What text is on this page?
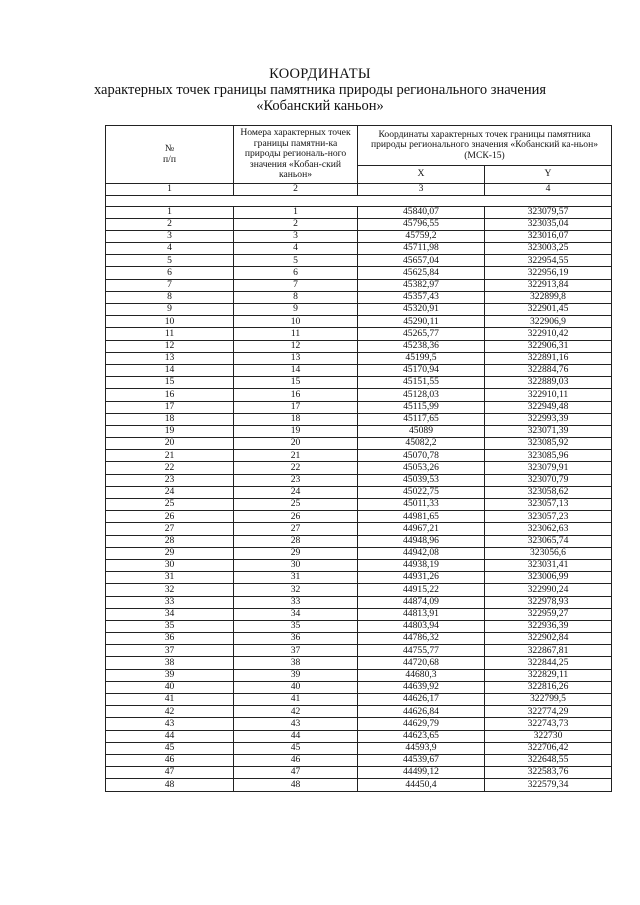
КООРДИНАТЫ
характерных точек границы памятника природы регионального значения
«Кобанский каньон»
№
п/п	Номера характерных точек границы памятни-ка природы региональ-ного значения «Кобан-ский каньон»	Координаты характерных точек границы памятника природы регионального значения «Кобанский ка-ньон» (МСК-15)	
		X	Y
1	2	3	4

1	1	45840,07	323079,57
2	2	45796,55	323035,04
3	3	45759,2	323016,07
4	4	45711,98	323003,25
5	5	45657,04	322954,55
6	6	45625,84	322956,19
7	7	45382,97	322913,84
8	8	45357,43	322899,8
9	9	45320,91	322901,45
10	10	45290,11	322906,9
11	11	45265,77	322910,42
12	12	45238,36	322906,31
13	13	45199,5	322891,16
14	14	45170,94	322884,76
15	15	45151,55	322889,03
16	16	45128,03	322910,11
17	17	45115,99	322949,48
18	18	45117,65	322993,39
19	19	45089	323071,39
20	20	45082,2	323085,92
21	21	45070,78	323085,96
22	22	45053,26	323079,91
23	23	45039,53	323070,79
24	24	45022,75	323058,62
25	25	45011,33	323057,13
26	26	44981,65	323057,23
27	27	44967,21	323062,63
28	28	44948,96	323065,74
29	29	44942,08	323056,6
30	30	44938,19	323031,41
31	31	44931,26	323006,99
32	32	44915,22	322990,24
33	33	44874,09	322978,93
34	34	44813,91	322959,27
35	35	44803,94	322936,39
36	36	44786,32	322902,84
37	37	44755,77	322867,81
38	38	44720,68	322844,25
39	39	44680,3	322829,11
40	40	44639,92	322816,26
41	41	44626,17	322799,5
42	42	44626,84	322774,29
43	43	44629,79	322743,73
44	44	44623,65	322730
45	45	44593,9	322706,42
46	46	44539,67	322648,55
47	47	44499,12	322583,76
48	48	44450,4	322579,34
